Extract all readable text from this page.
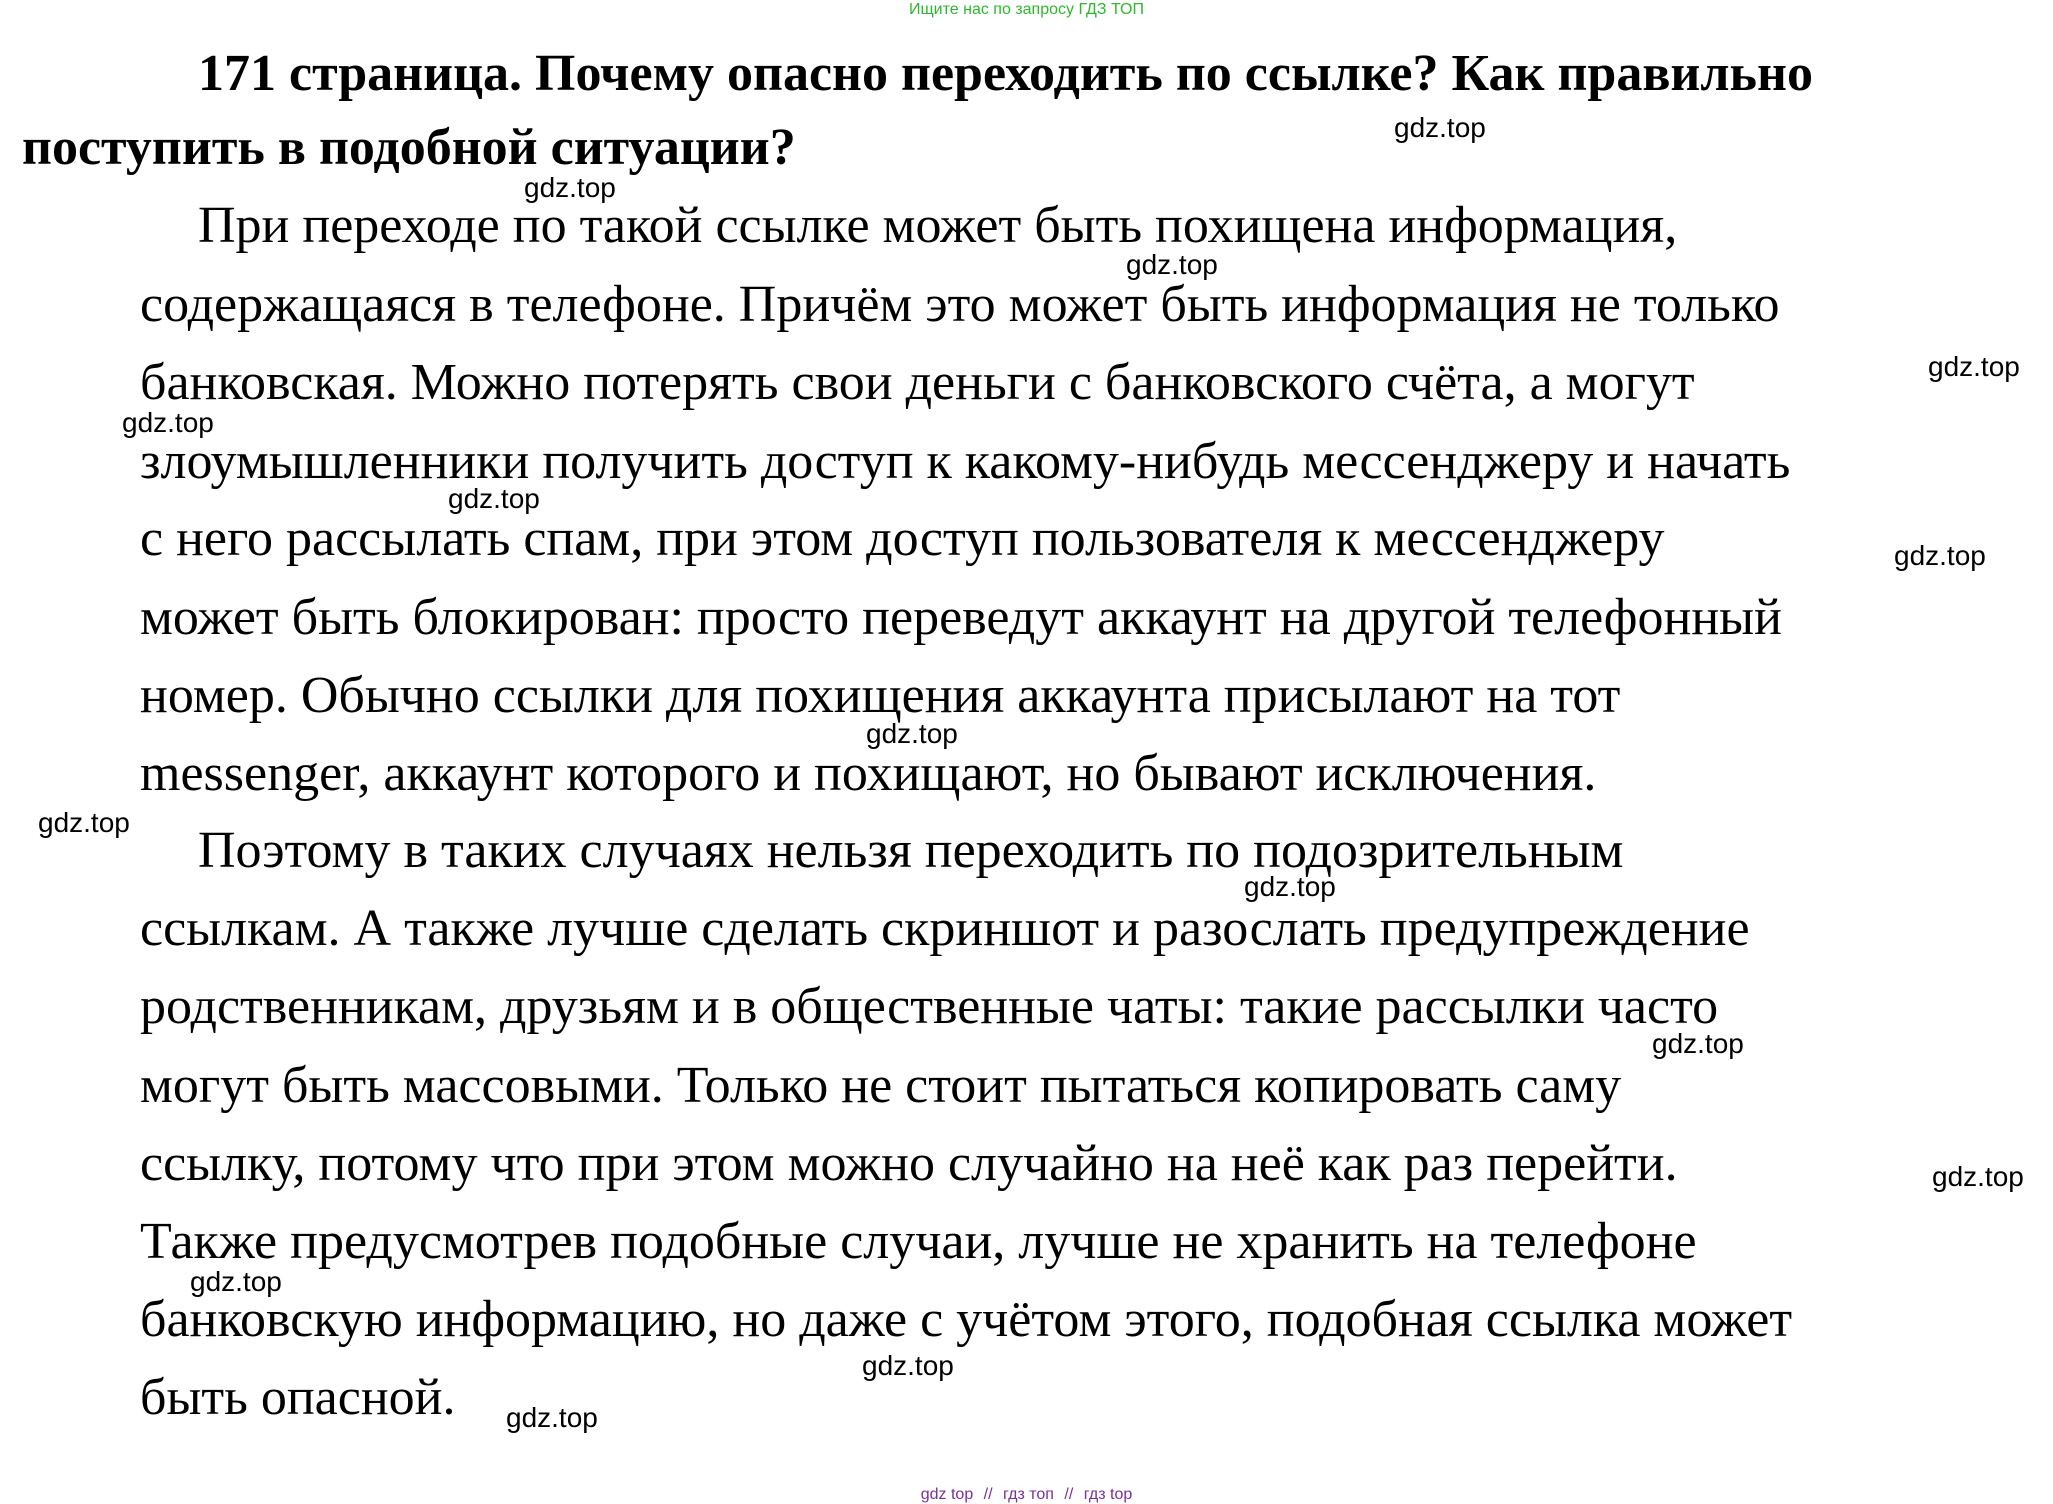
Ищите нас по запросу ГДЗ ТОП
171 страница. Почему опасно переходить по ссылке? Как правильно
поступить в подобной ситуации?
При переходе по такой ссылке может быть похищена информация,
содержащаяся в телефоне. Причём это может быть информация не только
банковская. Можно потерять свои деньги с банковского счёта, а могут
злоумышленники получить доступ к какому-нибудь мессенджеру и начать
с него рассылать спам, при этом доступ пользователя к мессенджеру
может быть блокирован: просто переведут аккаунт на другой телефонный
номер. Обычно ссылки для похищения аккаунта присылают на тот
messenger, аккаунт которого и похищают, но бывают исключения.
Поэтому в таких случаях нельзя переходить по подозрительным
ссылкам. А также лучше сделать скриншот и разослать предупреждение
родственникам, друзьям и в общественные чаты: такие рассылки часто
могут быть массовыми. Только не стоит пытаться копировать саму
ссылку, потому что при этом можно случайно на неё как раз перейти.
Также предусмотрев подобные случаи, лучше не хранить на телефоне
банковскую информацию, но даже с учётом этого, подобная ссылка может
быть опасной.
gdz.top
gdz.top
gdz.top
gdz.top
gdz.top
gdz.top
gdz.top
gdz.top
gdz.top
gdz.top
gdz.top
gdz.top
gdz.top
gdz.top
gdz.top
gdz top // гдз топ // гдз top
